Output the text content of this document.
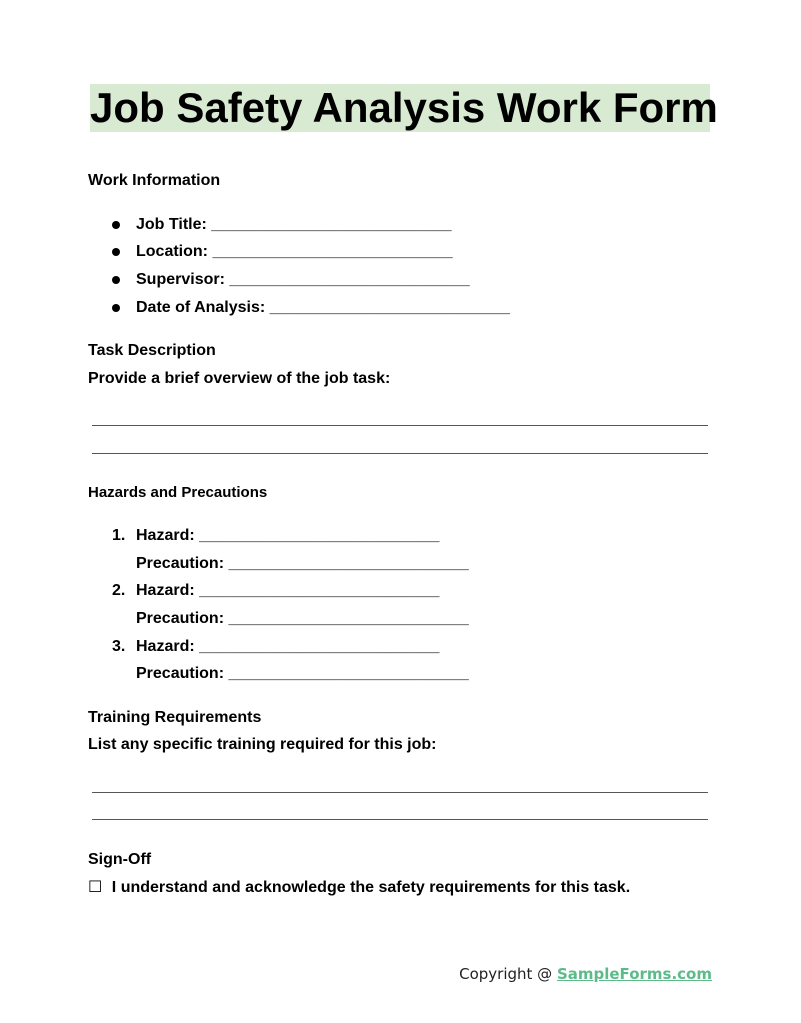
Job Safety Analysis Work Form
Work Information
Job Title: ___________________________
Location: ___________________________
Supervisor: ___________________________
Date of Analysis: ___________________________
Task Description
Provide a brief overview of the job task:
Hazards and Precautions
1. Hazard: ___________________________
Precaution: ___________________________
2. Hazard: ___________________________
Precaution: ___________________________
3. Hazard: ___________________________
Precaution: ___________________________
Training Requirements
List any specific training required for this job:
Sign-Off
☐ I understand and acknowledge the safety requirements for this task.
Copyright @ SampleForms.com
